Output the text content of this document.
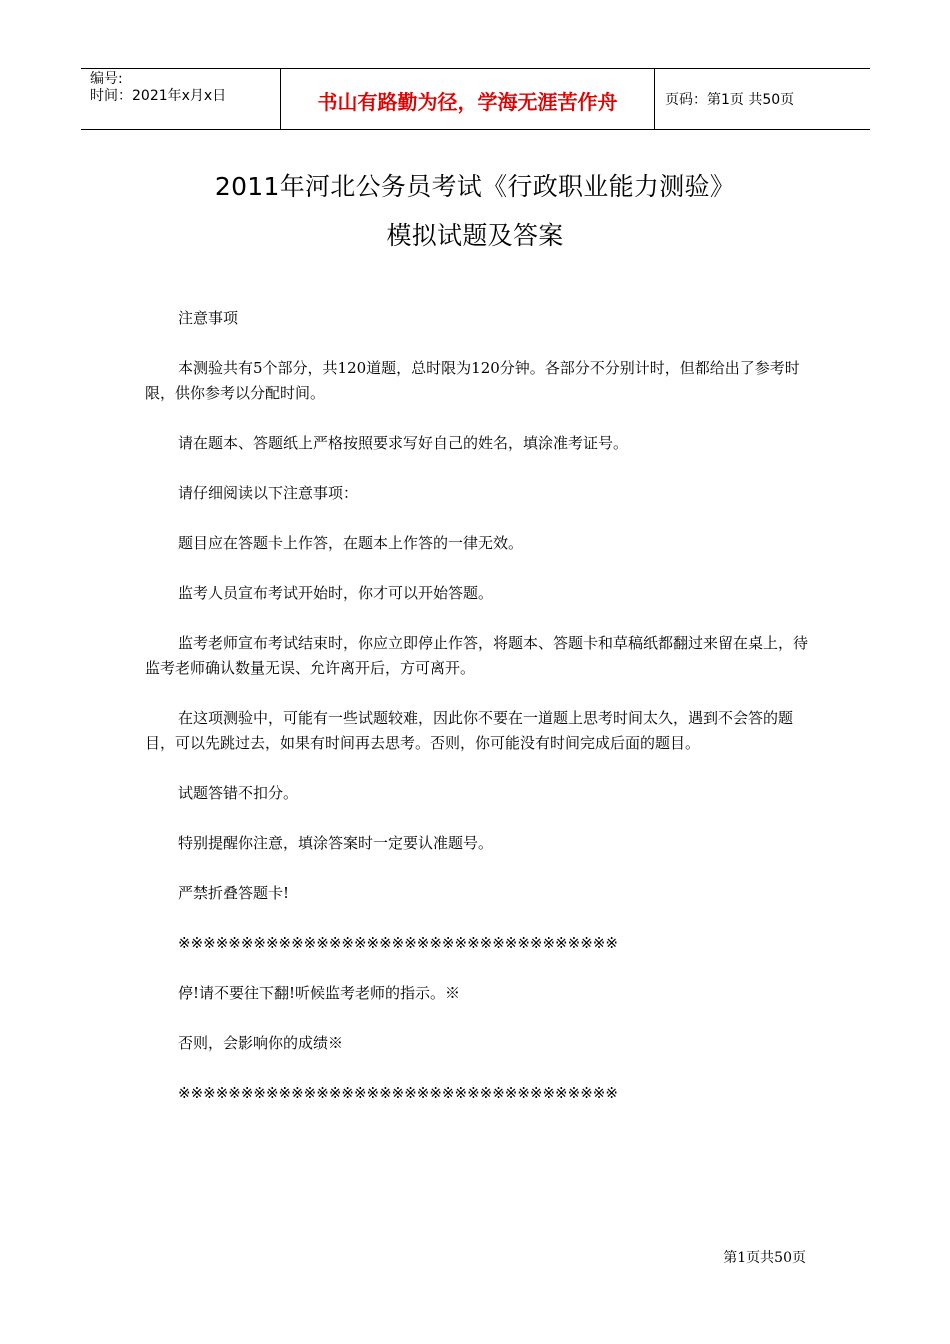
编号:
时间：2021年x月x日	书山有路勤为径，学海无涯苦作舟	页码：第1页 共50页
2011年河北公务员考试《行政职业能力测验》
模拟试题及答案

注意事项

本测验共有5个部分，共120道题，总时限为120分钟。各部分不分别计时，但都给出了参考时限，供你参考以分配时间。

请在题本、答题纸上严格按照要求写好自己的姓名，填涂准考证号。

请仔细阅读以下注意事项：

题目应在答题卡上作答，在题本上作答的一律无效。

监考人员宣布考试开始时，你才可以开始答题。

监考老师宣布考试结束时，你应立即停止作答，将题本、答题卡和草稿纸都翻过来留在桌上，待监考老师确认数量无误、允许离开后，方可离开。

在这项测验中，可能有一些试题较难，因此你不要在一道题上思考时间太久，遇到不会答的题目，可以先跳过去，如果有时间再去思考。否则，你可能没有时间完成后面的题目。

试题答错不扣分。

特别提醒你注意，填涂答案时一定要认准题号。

严禁折叠答题卡!

※※※※※※※※※※※※※※※※※※※※※※※※※※※※※※※※※※※

停!请不要往下翻!听候监考老师的指示。※

否则，会影响你的成绩※

※※※※※※※※※※※※※※※※※※※※※※※※※※※※※※※※※※※

第1页共50页
